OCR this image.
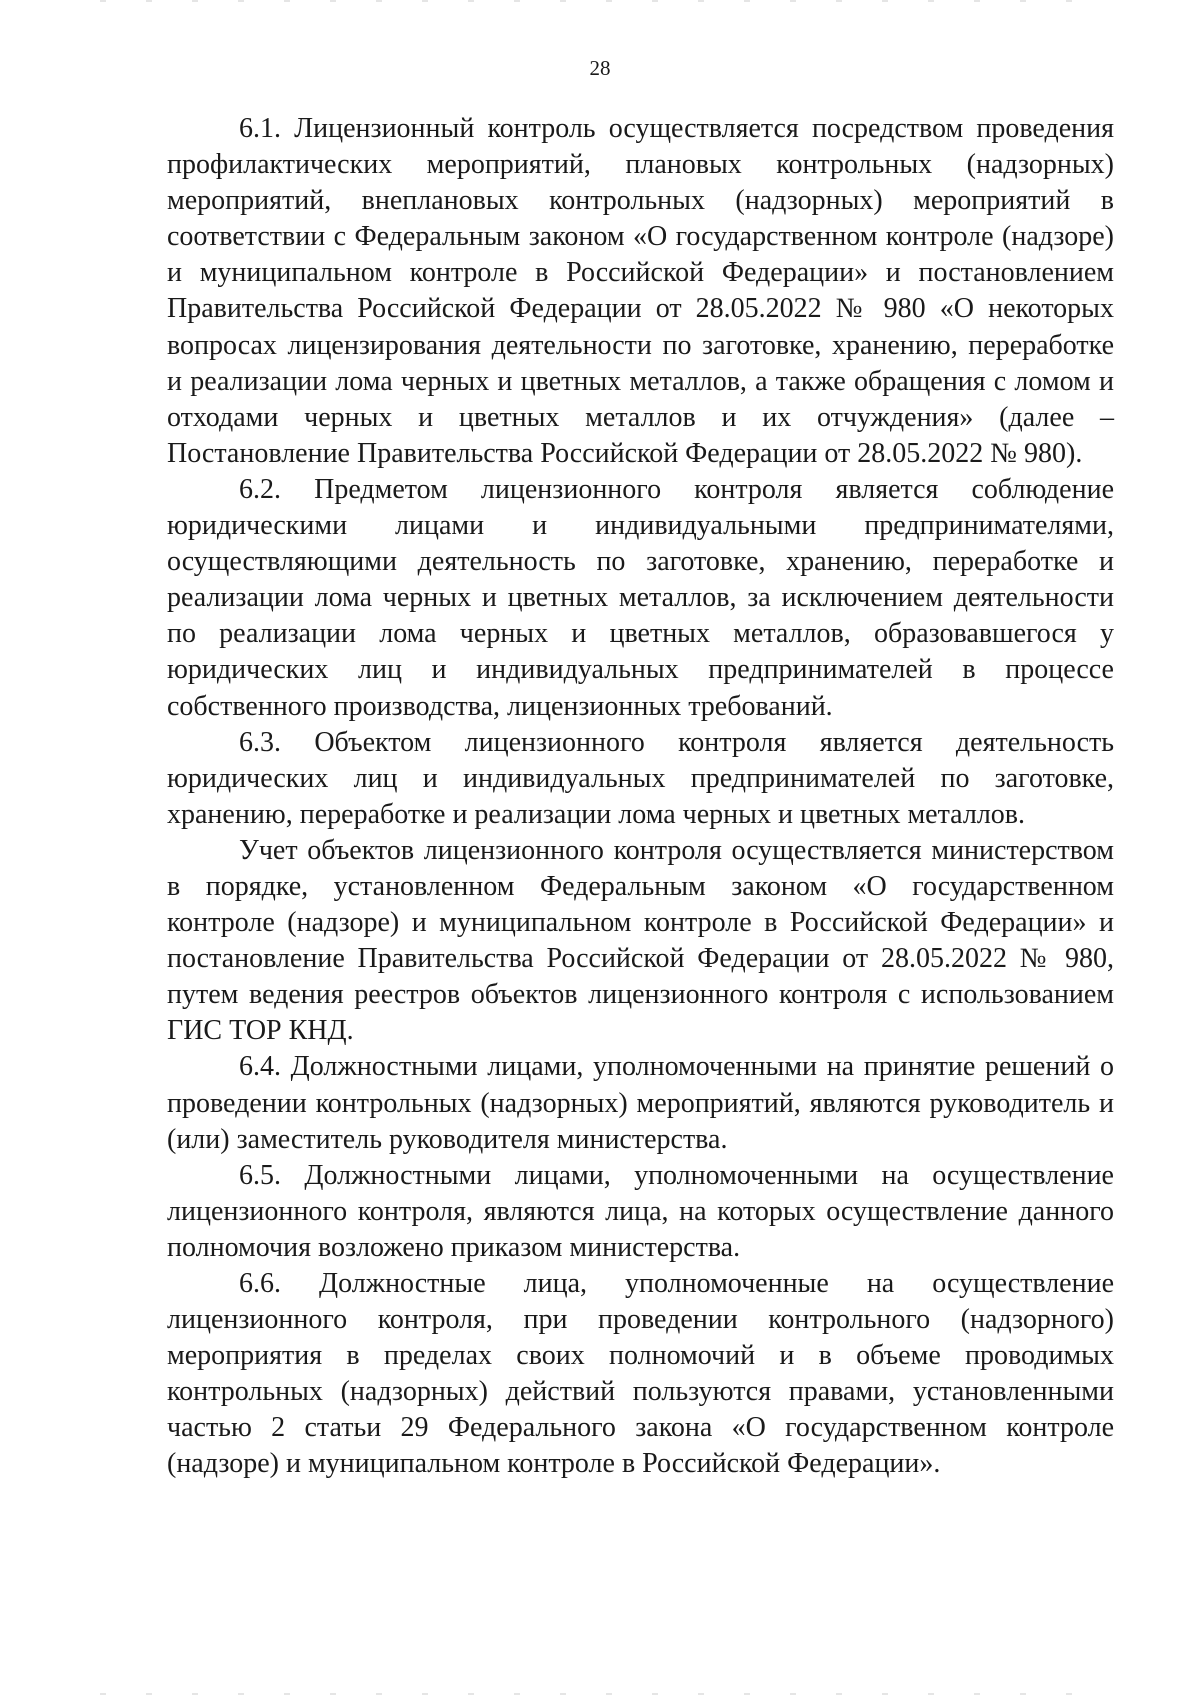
28

6.1. Лицензионный контроль осуществляется посредством проведения профилактических мероприятий, плановых контрольных (надзорных) мероприятий, внеплановых контрольных (надзорных) мероприятий в соответствии с Федеральным законом «О государственном контроле (надзоре) и муниципальном контроле в Российской Федерации» и постановлением Правительства Российской Федерации от 28.05.2022 № 980 «О некоторых вопросах лицензирования деятельности по заготовке, хранению, переработке и реализации лома черных и цветных металлов, а также обращения с ломом и отходами черных и цветных металлов и их отчуждения» (далее – Постановление Правительства Российской Федерации от 28.05.2022 № 980).

6.2. Предметом лицензионного контроля является соблюдение юридическими лицами и индивидуальными предпринимателями, осуществляющими деятельность по заготовке, хранению, переработке и реализации лома черных и цветных металлов, за исключением деятельности по реализации лома черных и цветных металлов, образовавшегося у юридических лиц и индивидуальных предпринимателей в процессе собственного производства, лицензионных требований.

6.3. Объектом лицензионного контроля является деятельность юридических лиц и индивидуальных предпринимателей по заготовке, хранению, переработке и реализации лома черных и цветных металлов.

Учет объектов лицензионного контроля осуществляется министерством в порядке, установленном Федеральным законом «О государственном контроле (надзоре) и муниципальном контроле в Российской Федерации» и постановление Правительства Российской Федерации от 28.05.2022 № 980, путем ведения реестров объектов лицензионного контроля с использованием ГИС ТОР КНД.

6.4. Должностными лицами, уполномоченными на принятие решений о проведении контрольных (надзорных) мероприятий, являются руководитель и (или) заместитель руководителя министерства.

6.5. Должностными лицами, уполномоченными на осуществление лицензионного контроля, являются лица, на которых осуществление данного полномочия возложено приказом министерства.

6.6. Должностные лица, уполномоченные на осуществление лицензионного контроля, при проведении контрольного (надзорного) мероприятия в пределах своих полномочий и в объеме проводимых контрольных (надзорных) действий пользуются правами, установленными частью 2 статьи 29 Федерального закона «О государственном контроле (надзоре) и муниципальном контроле в Российской Федерации».
